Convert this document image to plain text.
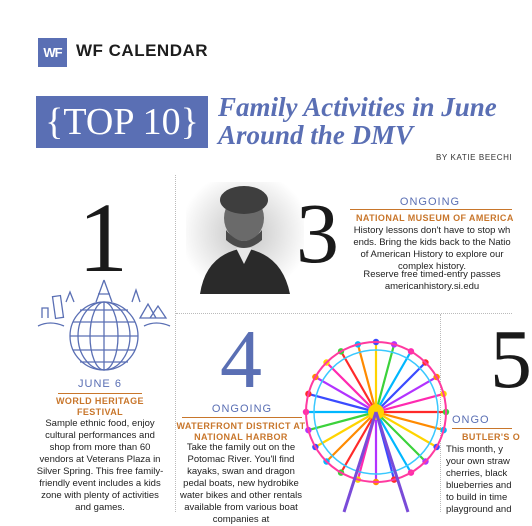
WF WF CALENDAR
{TOP 10} Family Activities in June
Around the DMV
BY KATIE BEECHI
1
JUNE 6
WORLD HERITAGE FESTIVAL
Sample ethnic food, enjoy cultural performances and shop from more than 60 vendors at Veterans Plaza in Silver Spring. This free family-friendly event includes a kids zone with plenty of activities and games.
3	ONGOING
NATIONAL MUSEUM OF AMERICA
History lessons don't have to stop wh ends. Bring the kids back to the Natio of American History to explore our complex history.
Reserve free timed-entry passes americanhistory.si.edu
4
ONGOING
WATERFRONT DISTRICT AT NATIONAL HARBOR
Take the family out on the Potomac River. You'll find kayaks, swan and dragon pedal boats, new hydrobike water bikes and other rentals available from various boat companies at
5
ONGO
BUTLER'S O
This month, y your own straw cherries, black blueberries and to build in time playground and
